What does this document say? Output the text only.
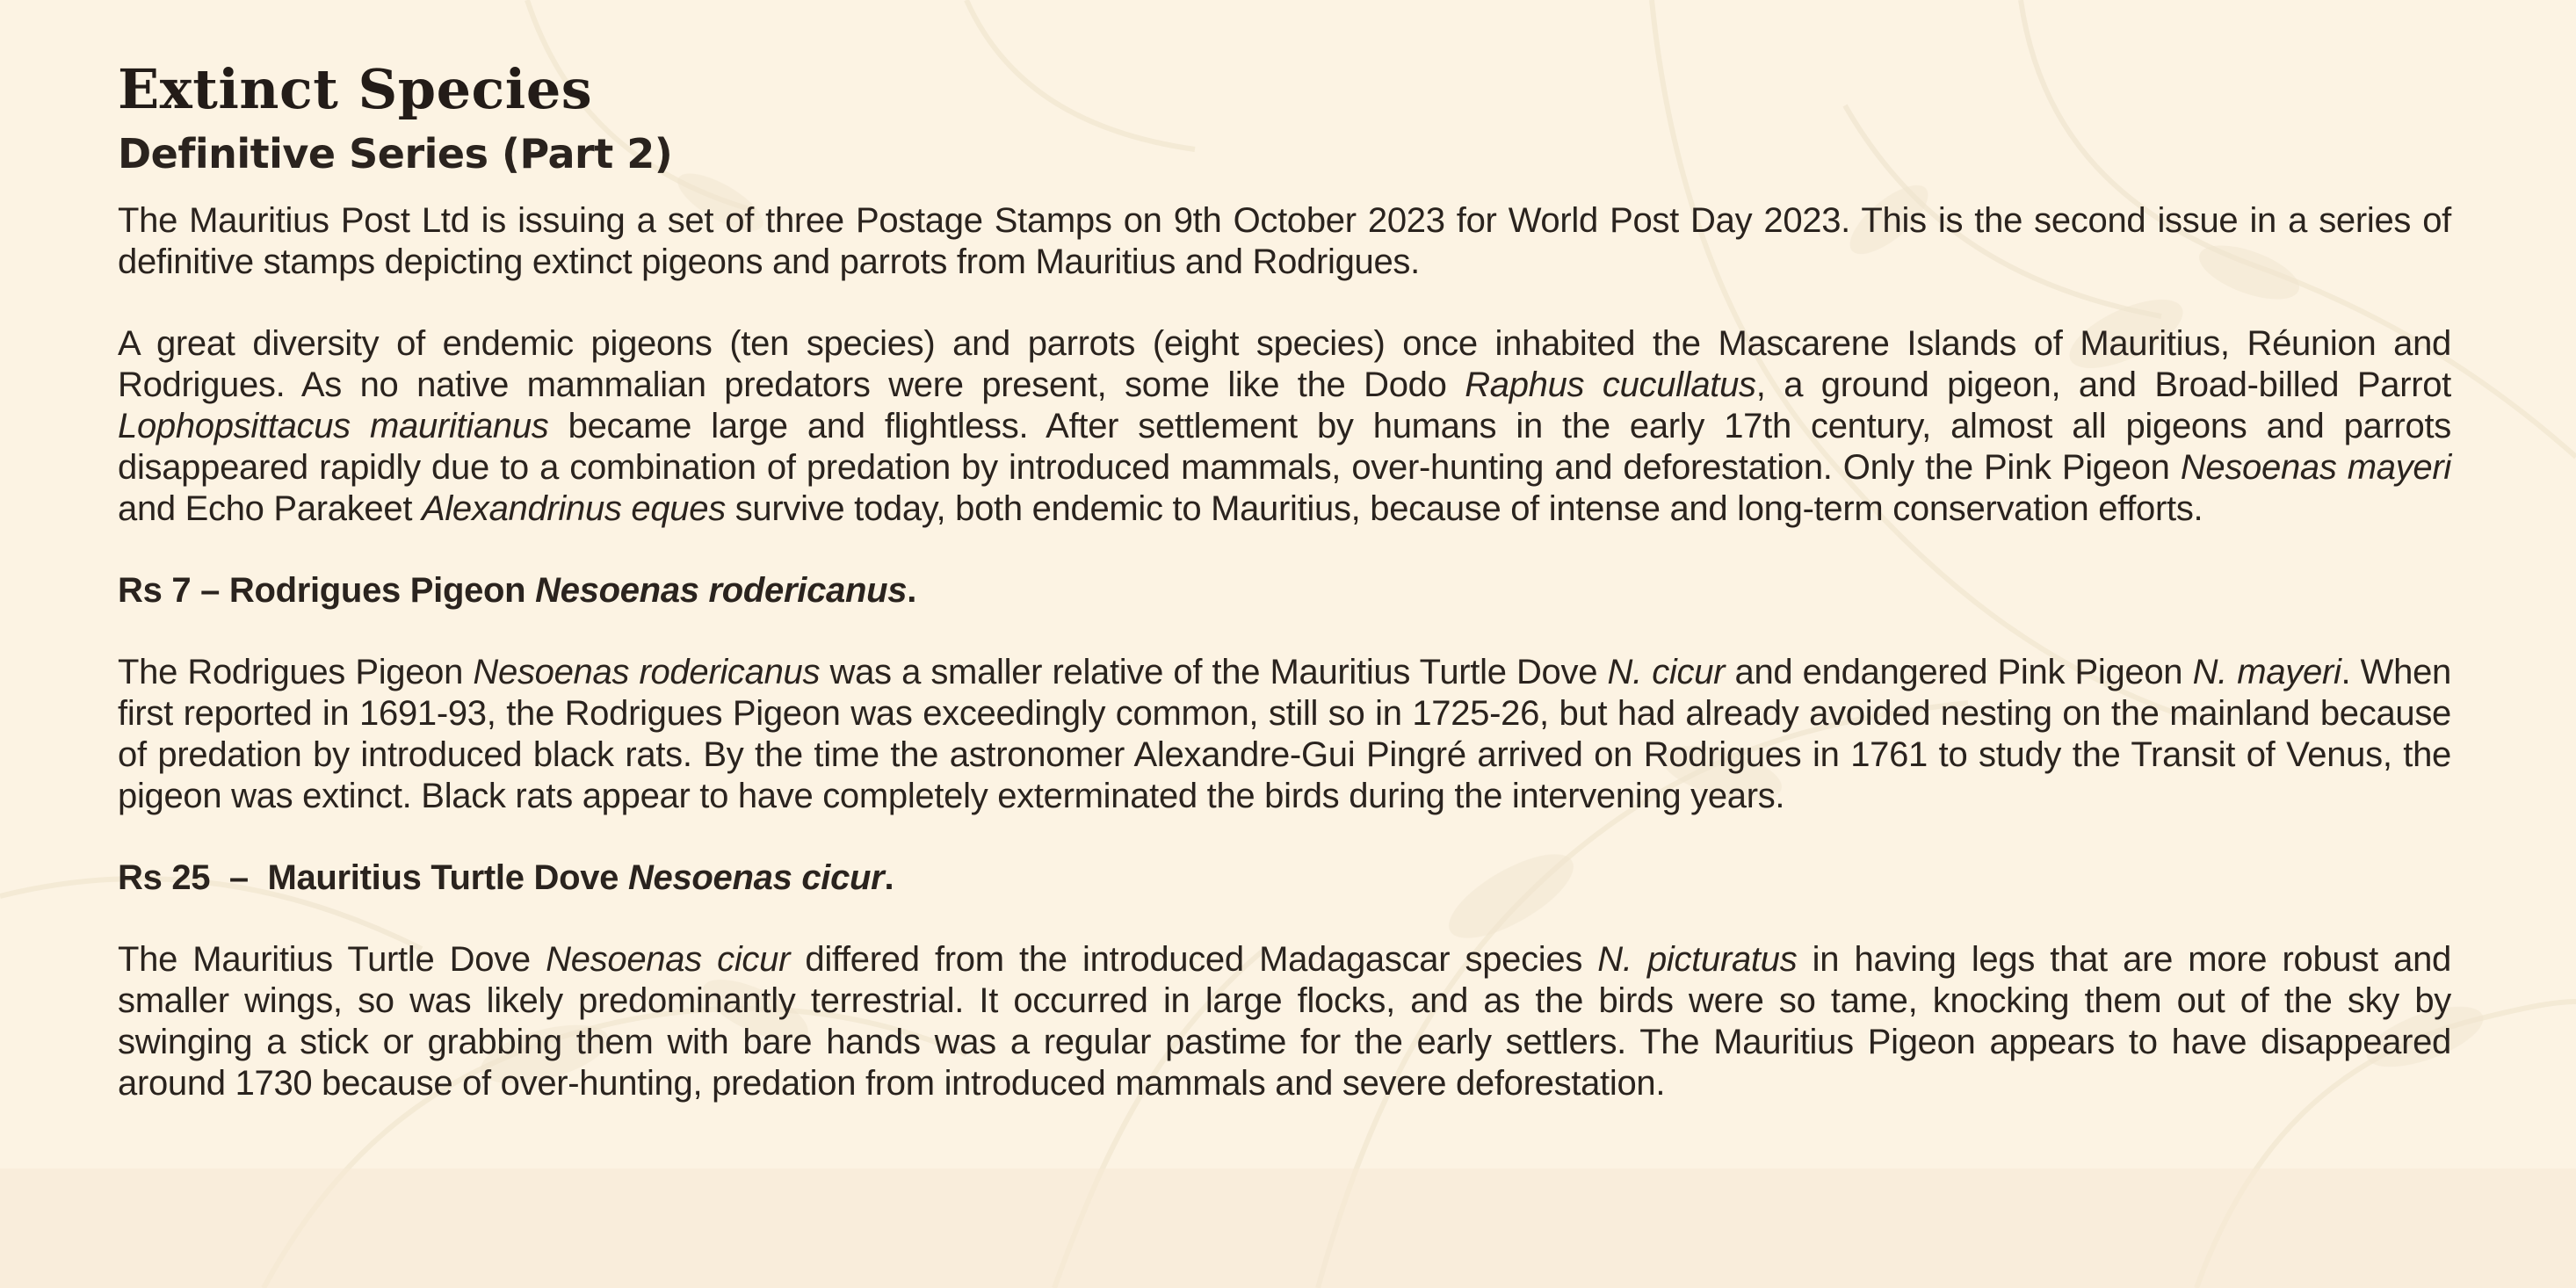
Extinct Species
Definitive Series (Part 2)

The Mauritius Post Ltd is issuing a set of three Postage Stamps on 9th October 2023 for World Post Day 2023. This is the second issue in a series of definitive stamps depicting extinct pigeons and parrots from Mauritius and Rodrigues.

A great diversity of endemic pigeons (ten species) and parrots (eight species) once inhabited the Mascarene Islands of Mauritius, Réunion and Rodrigues. As no native mammalian predators were present, some like the Dodo Raphus cucullatus, a ground pigeon, and Broad-billed Parrot Lophopsittacus mauritianus became large and flightless. After settlement by humans in the early 17th century, almost all pigeons and parrots disappeared rapidly due to a combination of predation by introduced mammals, over-hunting and deforestation. Only the Pink Pigeon Nesoenas mayeri and Echo Parakeet Alexandrinus eques survive today, both endemic to Mauritius, because of intense and long-term conservation efforts.

Rs 7 – Rodrigues Pigeon Nesoenas rodericanus.

The Rodrigues Pigeon Nesoenas rodericanus was a smaller relative of the Mauritius Turtle Dove N. cicur and endangered Pink Pigeon N. mayeri. When first reported in 1691-93, the Rodrigues Pigeon was exceedingly common, still so in 1725-26, but had already avoided nesting on the mainland because of predation by introduced black rats. By the time the astronomer Alexandre-Gui Pingré arrived on Rodrigues in 1761 to study the Transit of Venus, the pigeon was extinct. Black rats appear to have completely exterminated the birds during the intervening years.

Rs 25  –  Mauritius Turtle Dove Nesoenas cicur.

The Mauritius Turtle Dove Nesoenas cicur differed from the introduced Madagascar species N. picturatus in having legs that are more robust and smaller wings, so was likely predominantly terrestrial. It occurred in large flocks, and as the birds were so tame, knocking them out of the sky by swinging a stick or grabbing them with bare hands was a regular pastime for the early settlers. The Mauritius Pigeon appears to have disappeared around 1730 because of over-hunting, predation from introduced mammals and severe deforestation.
